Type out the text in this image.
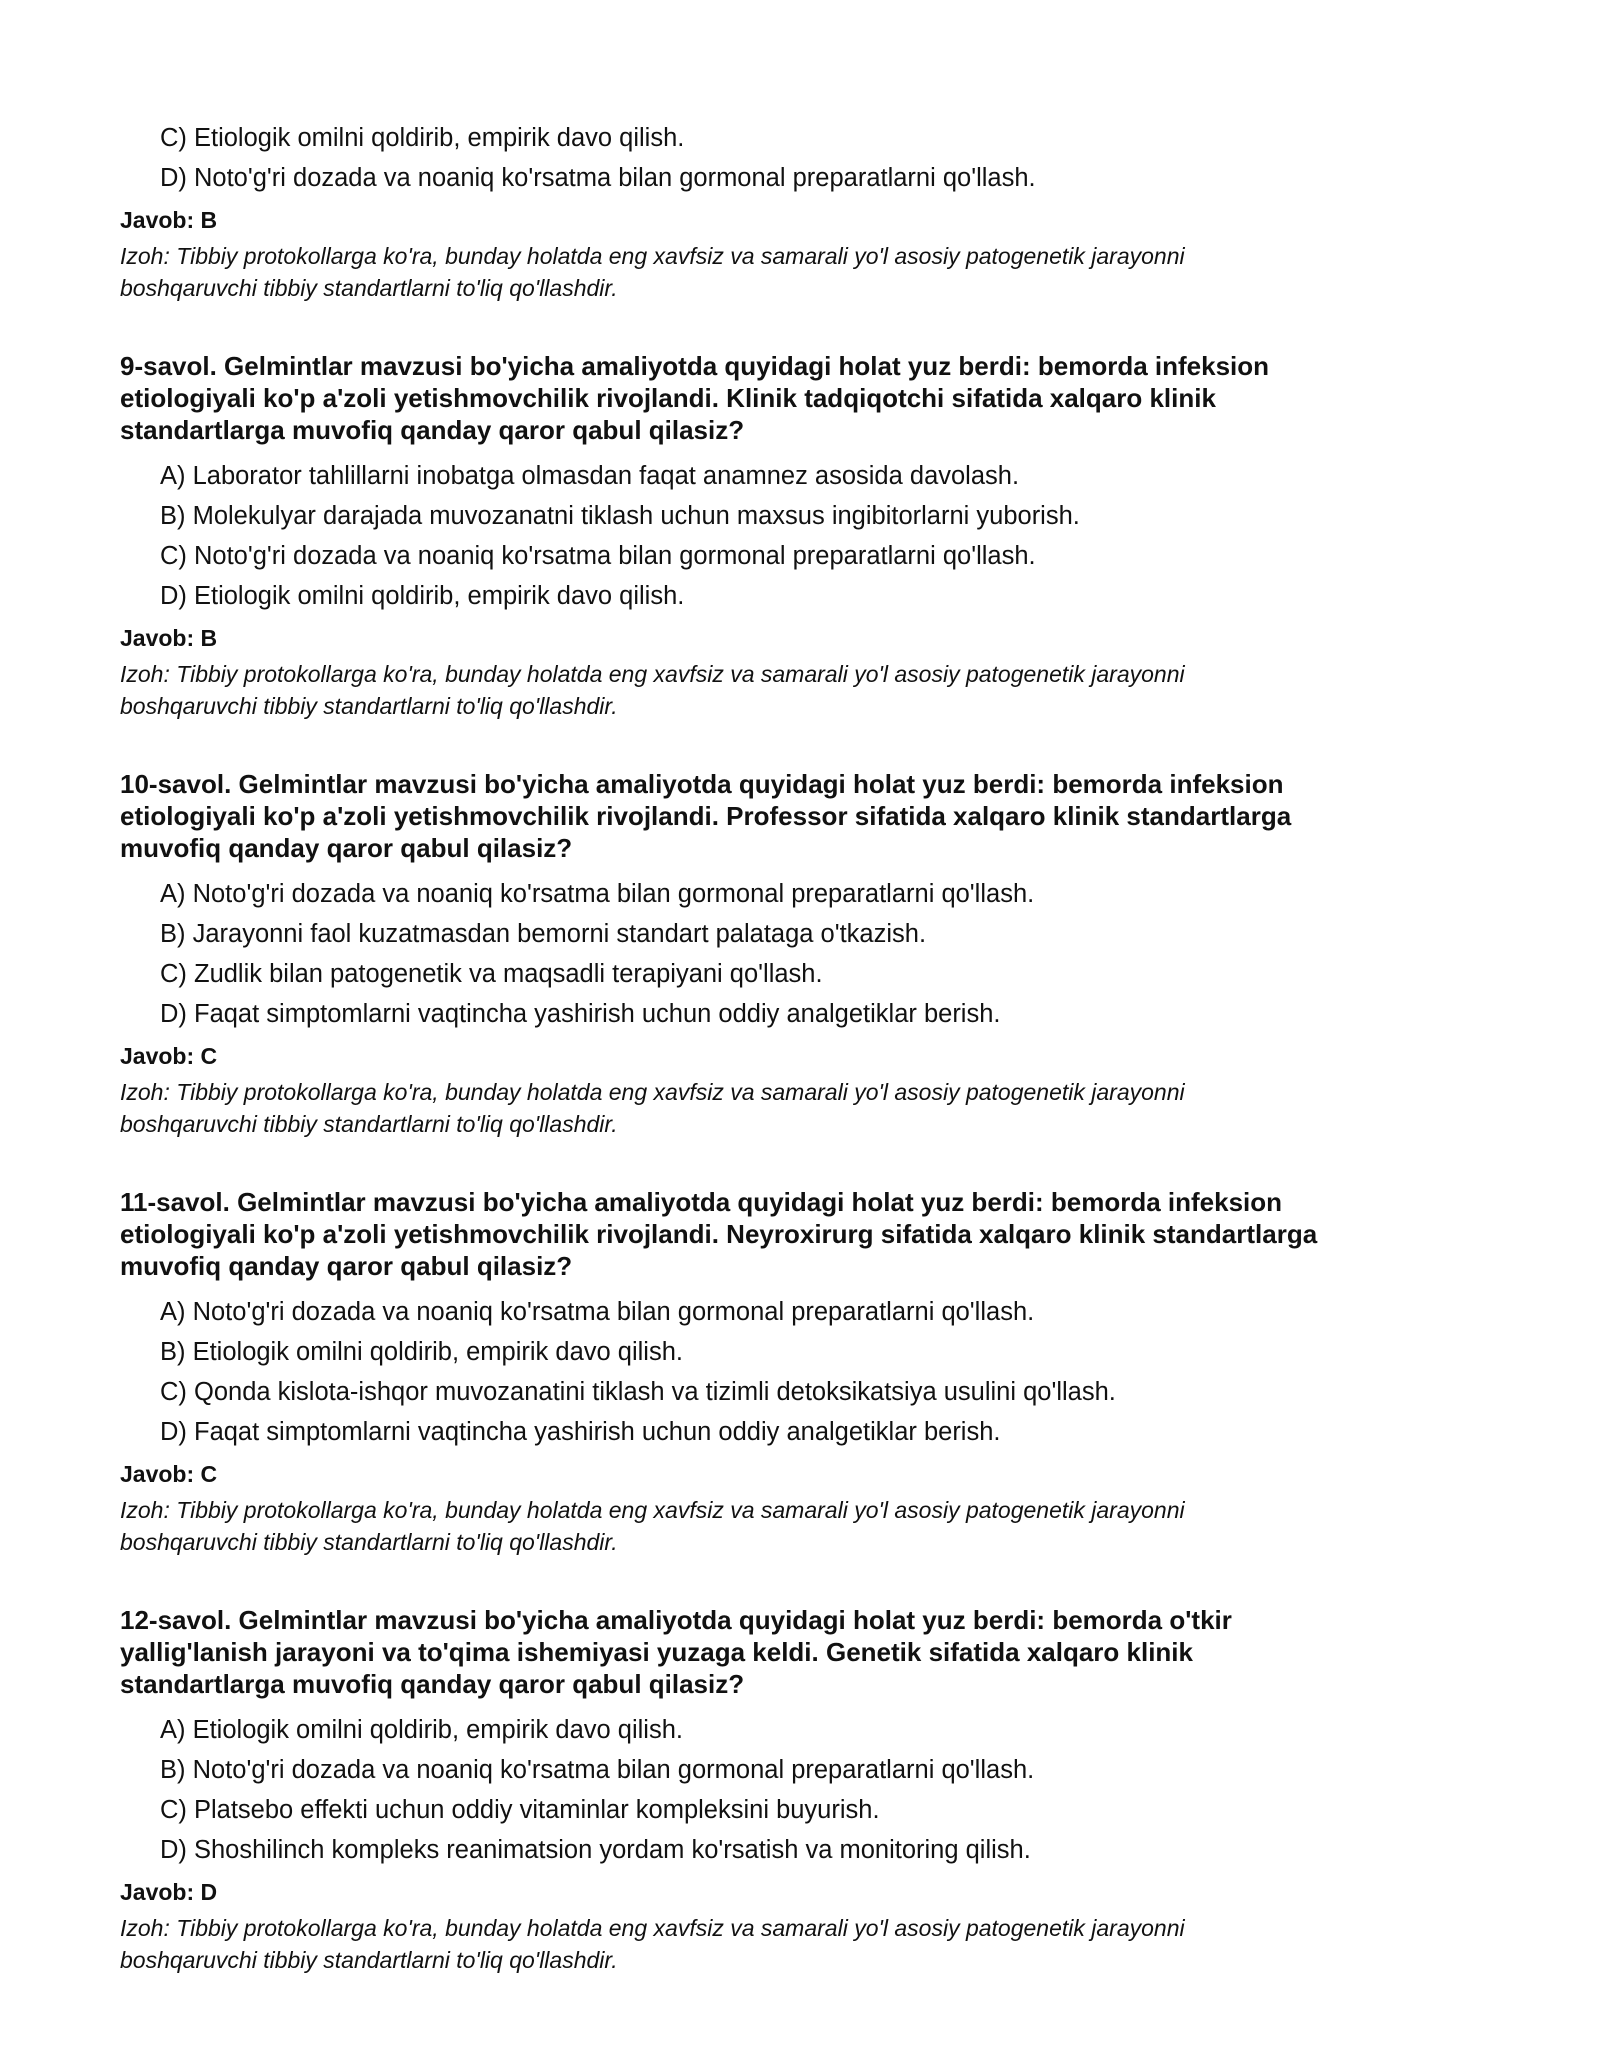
C) Etiologik omilni qoldirib, empirik davo qilish.
D) Noto'g'ri dozada va noaniq ko'rsatma bilan gormonal preparatlarni qo'llash.
Javob: B
Izoh: Tibbiy protokollarga ko'ra, bunday holatda eng xavfsiz va samarali yo'l asosiy patogenetik jarayonni
boshqaruvchi tibbiy standartlarni to'liq qo'llashdir.
9-savol. Gelmintlar mavzusi bo'yicha amaliyotda quyidagi holat yuz berdi: bemorda infeksion
etiologiyali ko'p a'zoli yetishmovchilik rivojlandi. Klinik tadqiqotchi sifatida xalqaro klinik
standartlarga muvofiq qanday qaror qabul qilasiz?
A) Laborator tahlillarni inobatga olmasdan faqat anamnez asosida davolash.
B) Molekulyar darajada muvozanatni tiklash uchun maxsus ingibitorlarni yuborish.
C) Noto'g'ri dozada va noaniq ko'rsatma bilan gormonal preparatlarni qo'llash.
D) Etiologik omilni qoldirib, empirik davo qilish.
Javob: B
Izoh: Tibbiy protokollarga ko'ra, bunday holatda eng xavfsiz va samarali yo'l asosiy patogenetik jarayonni
boshqaruvchi tibbiy standartlarni to'liq qo'llashdir.
10-savol. Gelmintlar mavzusi bo'yicha amaliyotda quyidagi holat yuz berdi: bemorda infeksion
etiologiyali ko'p a'zoli yetishmovchilik rivojlandi. Professor sifatida xalqaro klinik standartlarga
muvofiq qanday qaror qabul qilasiz?
A) Noto'g'ri dozada va noaniq ko'rsatma bilan gormonal preparatlarni qo'llash.
B) Jarayonni faol kuzatmasdan bemorni standart palataga o'tkazish.
C) Zudlik bilan patogenetik va maqsadli terapiyani qo'llash.
D) Faqat simptomlarni vaqtincha yashirish uchun oddiy analgetiklar berish.
Javob: C
Izoh: Tibbiy protokollarga ko'ra, bunday holatda eng xavfsiz va samarali yo'l asosiy patogenetik jarayonni
boshqaruvchi tibbiy standartlarni to'liq qo'llashdir.
11-savol. Gelmintlar mavzusi bo'yicha amaliyotda quyidagi holat yuz berdi: bemorda infeksion
etiologiyali ko'p a'zoli yetishmovchilik rivojlandi. Neyroxirurg sifatida xalqaro klinik standartlarga
muvofiq qanday qaror qabul qilasiz?
A) Noto'g'ri dozada va noaniq ko'rsatma bilan gormonal preparatlarni qo'llash.
B) Etiologik omilni qoldirib, empirik davo qilish.
C) Qonda kislota-ishqor muvozanatini tiklash va tizimli detoksikatsiya usulini qo'llash.
D) Faqat simptomlarni vaqtincha yashirish uchun oddiy analgetiklar berish.
Javob: C
Izoh: Tibbiy protokollarga ko'ra, bunday holatda eng xavfsiz va samarali yo'l asosiy patogenetik jarayonni
boshqaruvchi tibbiy standartlarni to'liq qo'llashdir.
12-savol. Gelmintlar mavzusi bo'yicha amaliyotda quyidagi holat yuz berdi: bemorda o'tkir
yallig'lanish jarayoni va to'qima ishemiyasi yuzaga keldi. Genetik sifatida xalqaro klinik
standartlarga muvofiq qanday qaror qabul qilasiz?
A) Etiologik omilni qoldirib, empirik davo qilish.
B) Noto'g'ri dozada va noaniq ko'rsatma bilan gormonal preparatlarni qo'llash.
C) Platsebo effekti uchun oddiy vitaminlar kompleksini buyurish.
D) Shoshilinch kompleks reanimatsion yordam ko'rsatish va monitoring qilish.
Javob: D
Izoh: Tibbiy protokollarga ko'ra, bunday holatda eng xavfsiz va samarali yo'l asosiy patogenetik jarayonni
boshqaruvchi tibbiy standartlarni to'liq qo'llashdir.
